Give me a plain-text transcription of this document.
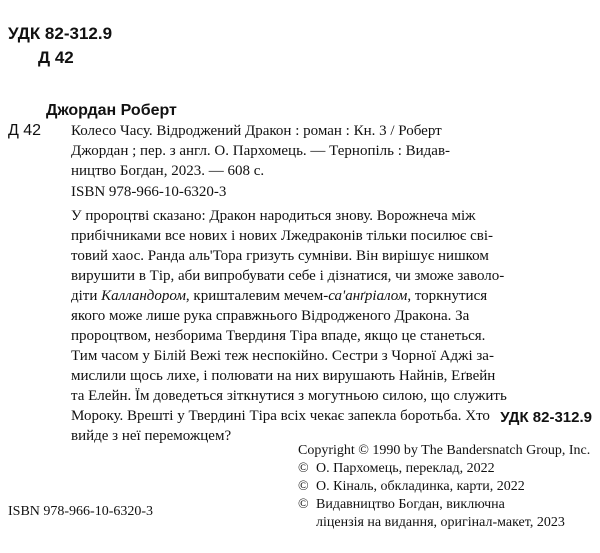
УДК 82-312.9
Д 42
Джордан Роберт
Д 42 Колесо Часу. Відроджений Дракон : роман : Кн. 3 / Роберт
Джордан ; пер. з англ. О. Пархомець. — Тернопіль : Видав-
ництво Богдан, 2023. — 608 с.
ISBN 978-966-10-6320-3
У пророцтві сказано: Дракон народиться знову. Ворожнеча між
прибічниками все нових і нових Лжедраконів тільки посилює сві-
товий хаос. Ранда аль'Тора гризуть сумніви. Він вирішує нишком
вирушити в Тір, аби випробувати себе і дізнатися, чи зможе заволо-
діти Калландором, кришталевим мечем-са'анґріалом, торкнутися
якого може лише рука справжнього Відродженого Дракона. За
пророцтвом, незборима Твердиня Тіра впаде, якщо це станеться.
Тим часом у Білій Вежі теж неспокійно. Сестри з Чорної Аджі за-
мислили щось лихе, і полювати на них вирушають Найнів, Еґвейн
та Елейн. Їм доведеться зіткнутися з могутньою силою, що служить
Мороку. Врешті у Твердині Тіра всіх чекає запекла боротьба. Хто
вийде з неї переможцем?
УДК 82-312.9
Copyright © 1990 by The Bandersnatch Group, Inc.
© О. Пархомець, переклад, 2022
© О. Кіналь, обкладинка, карти, 2022
© Видавництво Богдан, виключна
ліцензія на видання, оригінал-макет, 2023
ISBN 978-966-10-6320-3
